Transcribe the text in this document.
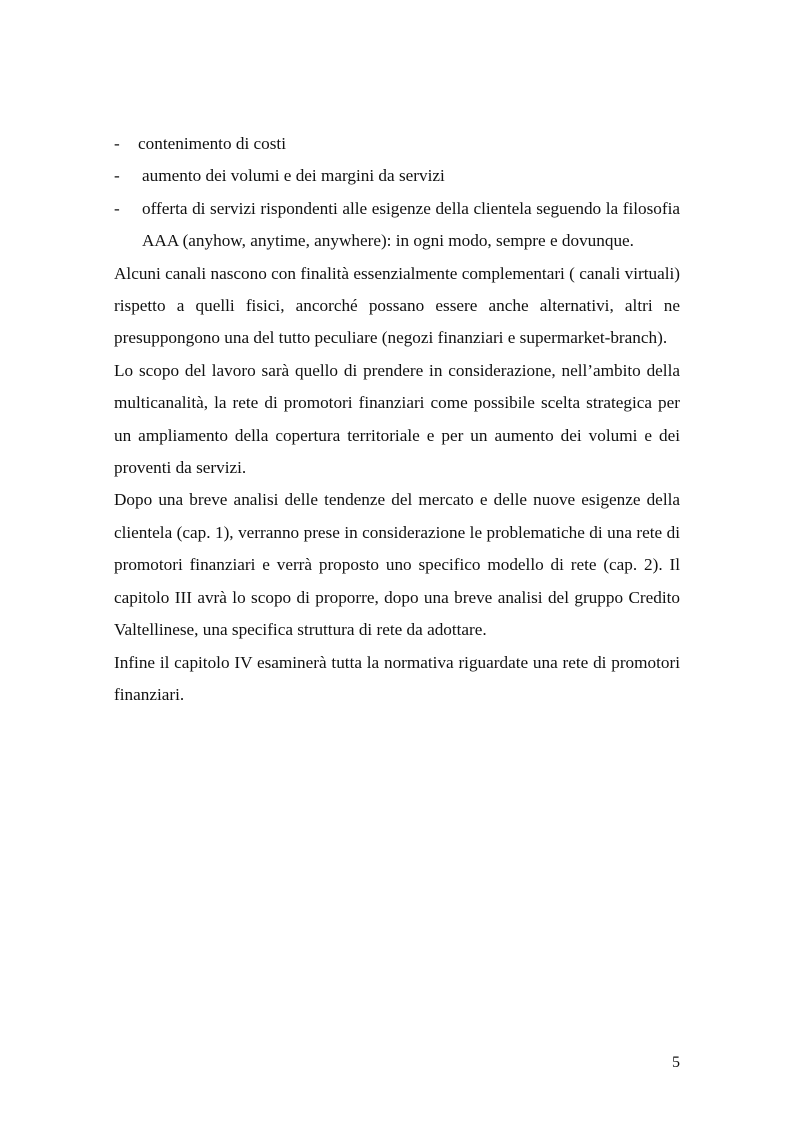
- contenimento di costi
- aumento dei volumi e dei margini da servizi
- offerta di servizi rispondenti alle esigenze della clientela seguendo la filosofia AAA (anyhow, anytime, anywhere): in ogni modo, sempre e dovunque.

Alcuni canali nascono con finalità essenzialmente complementari ( canali virtuali) rispetto a quelli fisici, ancorché possano essere anche alternativi, altri ne presuppongono una del tutto peculiare (negozi finanziari e supermarket-branch).

Lo scopo del lavoro sarà quello di prendere in considerazione, nell’ambito della multicanalità, la rete di promotori finanziari come possibile scelta strategica per un ampliamento della copertura territoriale e per un aumento dei volumi e dei proventi da servizi.

Dopo una breve analisi delle tendenze del mercato e delle nuove esigenze della clientela (cap. 1), verranno prese in considerazione le problematiche di una rete di promotori finanziari e verrà proposto uno specifico modello di rete (cap. 2). Il capitolo III avrà lo scopo di proporre, dopo una breve analisi del gruppo Credito Valtellinese, una specifica struttura di rete da adottare.

Infine il capitolo IV esaminerà tutta la normativa riguardate una rete di promotori finanziari.

5
